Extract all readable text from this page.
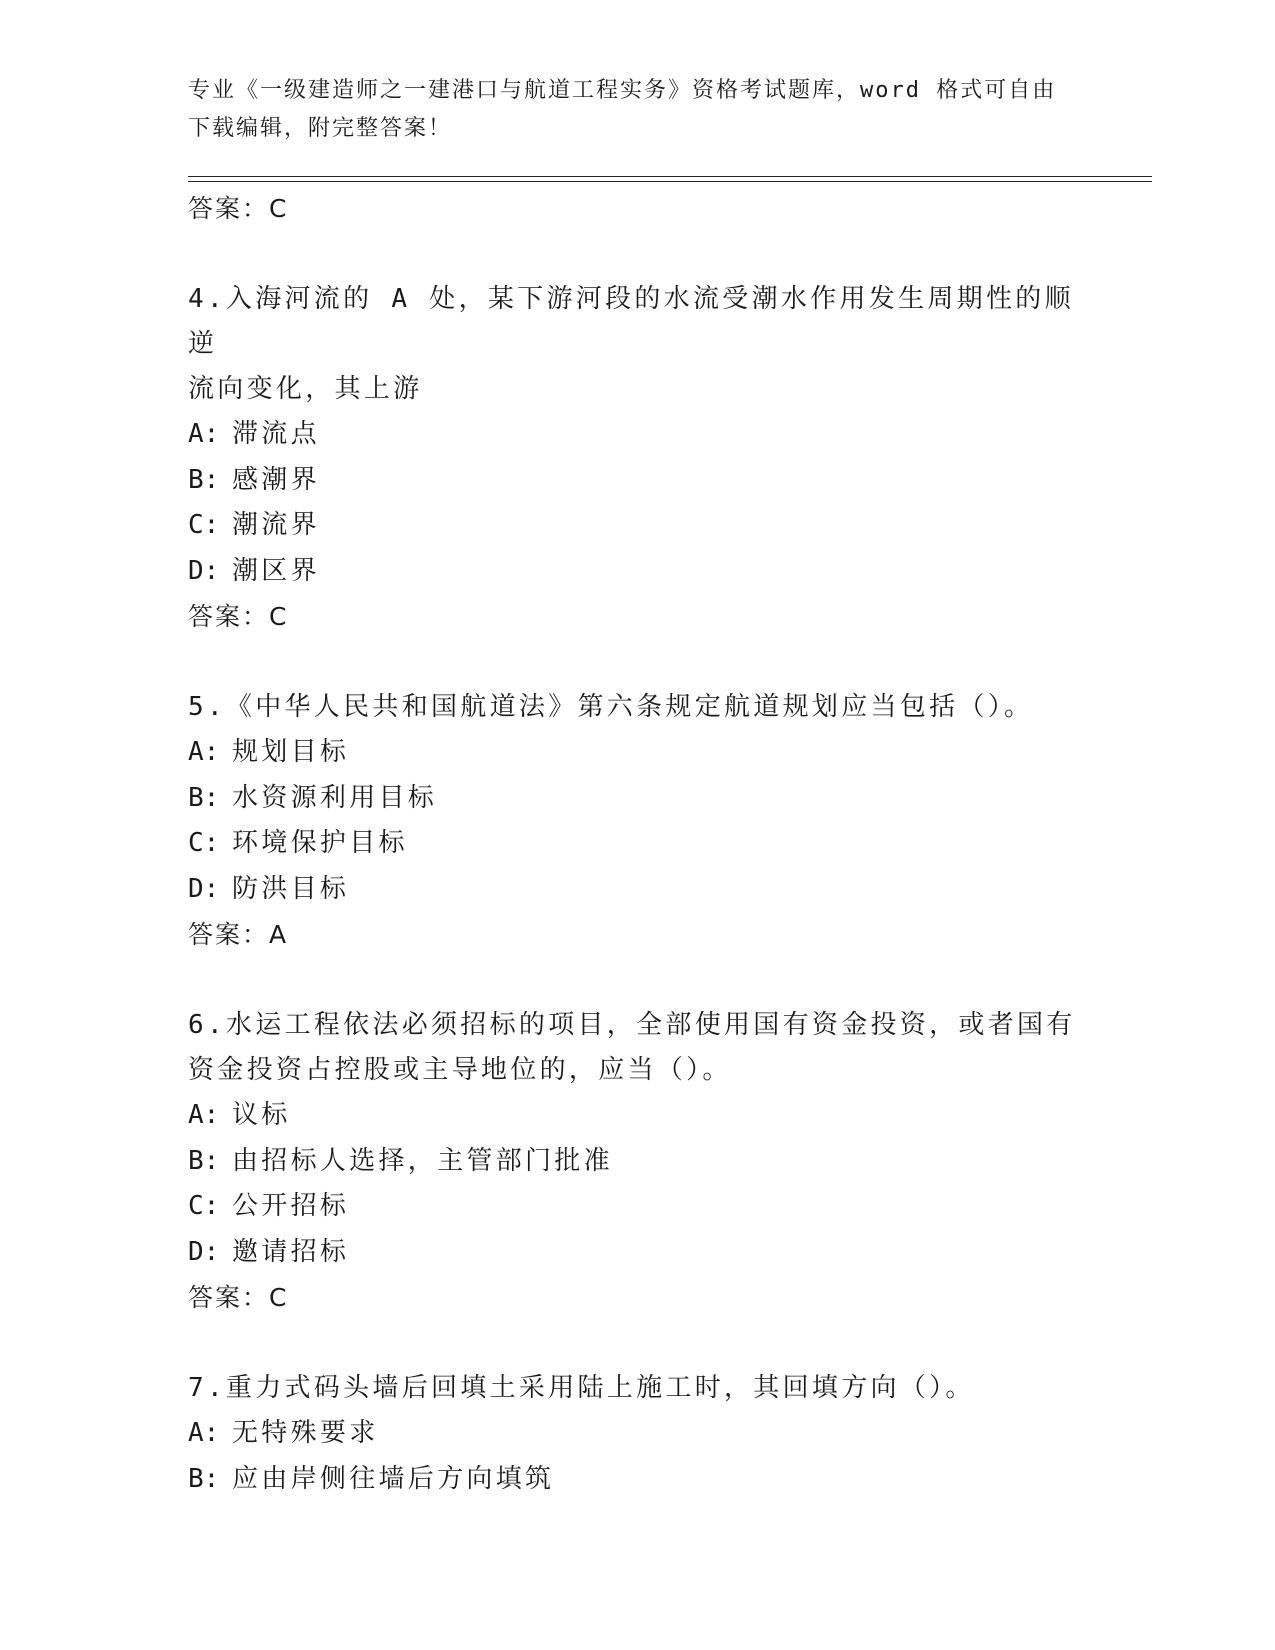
专业《一级建造师之一建港口与航道工程实务》资格考试题库，word 格式可自由
下载编辑，附完整答案！

答案：C

4.入海河流的 A 处，某下游河段的水流受潮水作用发生周期性的顺逆
流向变化，其上游

A: 滞流点

B: 感潮界

C: 潮流界

D: 潮区界

答案：C

5.《中华人民共和国航道法》第六条规定航道规划应当包括（）。

A: 规划目标

B: 水资源利用目标

C: 环境保护目标

D: 防洪目标

答案：A

6.水运工程依法必须招标的项目，全部使用国有资金投资，或者国有
资金投资占控股或主导地位的，应当（）。

A: 议标

B: 由招标人选择，主管部门批准

C: 公开招标

D: 邀请招标

答案：C

7.重力式码头墙后回填土采用陆上施工时，其回填方向（）。

A: 无特殊要求

B: 应由岸侧往墙后方向填筑
